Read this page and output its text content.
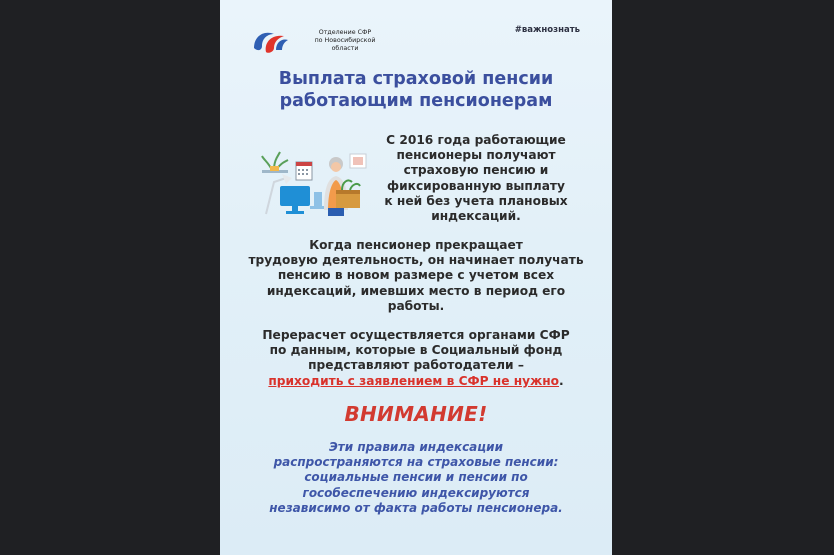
Отделение СФР
по Новосибирской
области
#важнознать
Выплата страховой пенсии
работающим пенсионерам
С 2016 года работающие
пенсионеры получают
страховую пенсию и
фиксированную выплату
к ней без учета плановых
индексаций.
Когда пенсионер прекращает
трудовую деятельность, он начинает получать
пенсию в новом размере с учетом всех
индексаций, имевших место в период его
работы.
Перерасчет осуществляется органами СФР
по данным, которые в Социальный фонд
представляют работодатели –
приходить с заявлением в СФР не нужно.
ВНИМАНИЕ!
Эти правила индексации
распространяются на страховые пенсии:
социальные пенсии и пенсии по
гособеспечению индексируются
независимо от факта работы пенсионера.
